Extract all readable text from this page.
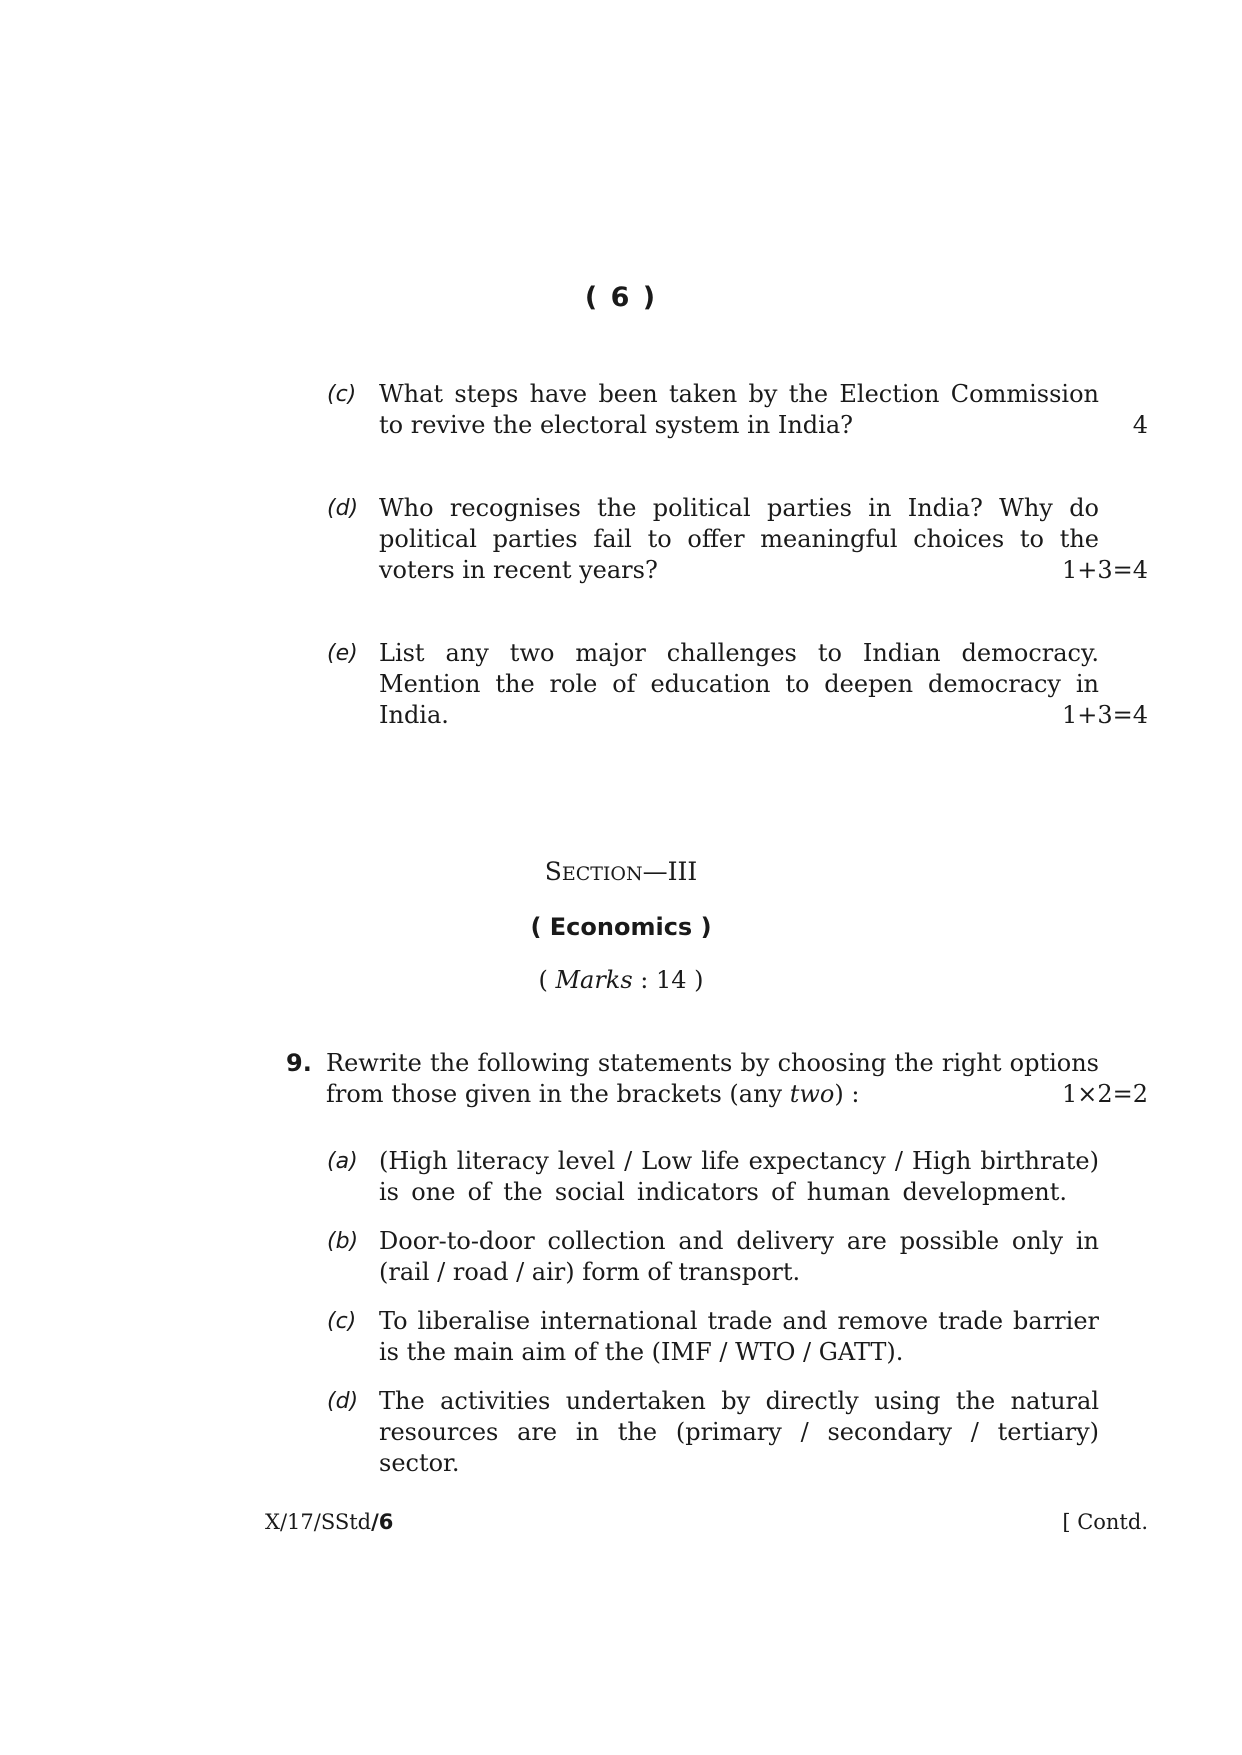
( 6 )
(c) What steps have been taken by the Election Commission
to revive the electoral system in India?	4
(d) Who recognises the political parties in India? Why do
political parties fail to offer meaningful choices to the
voters in recent years?	1+3=4
(e) List any two major challenges to Indian democracy.
Mention the role of education to deepen democracy in
India.	1+3=4
SECTION—III
( Economics )
( Marks : 14 )
9. Rewrite the following statements by choosing the right options
from those given in the brackets (any two) :	1×2=2
(a) (High literacy level / Low life expectancy / High birthrate)
is one of the social indicators of human development.
(b) Door-to-door collection and delivery are possible only in
(rail / road / air) form of transport.
(c) To liberalise international trade and remove trade barrier
is the main aim of the (IMF / WTO / GATT).
(d) The activities undertaken by directly using the natural
resources are in the (primary / secondary / tertiary)
sector.
X/17/SStd/6	[ Contd.
